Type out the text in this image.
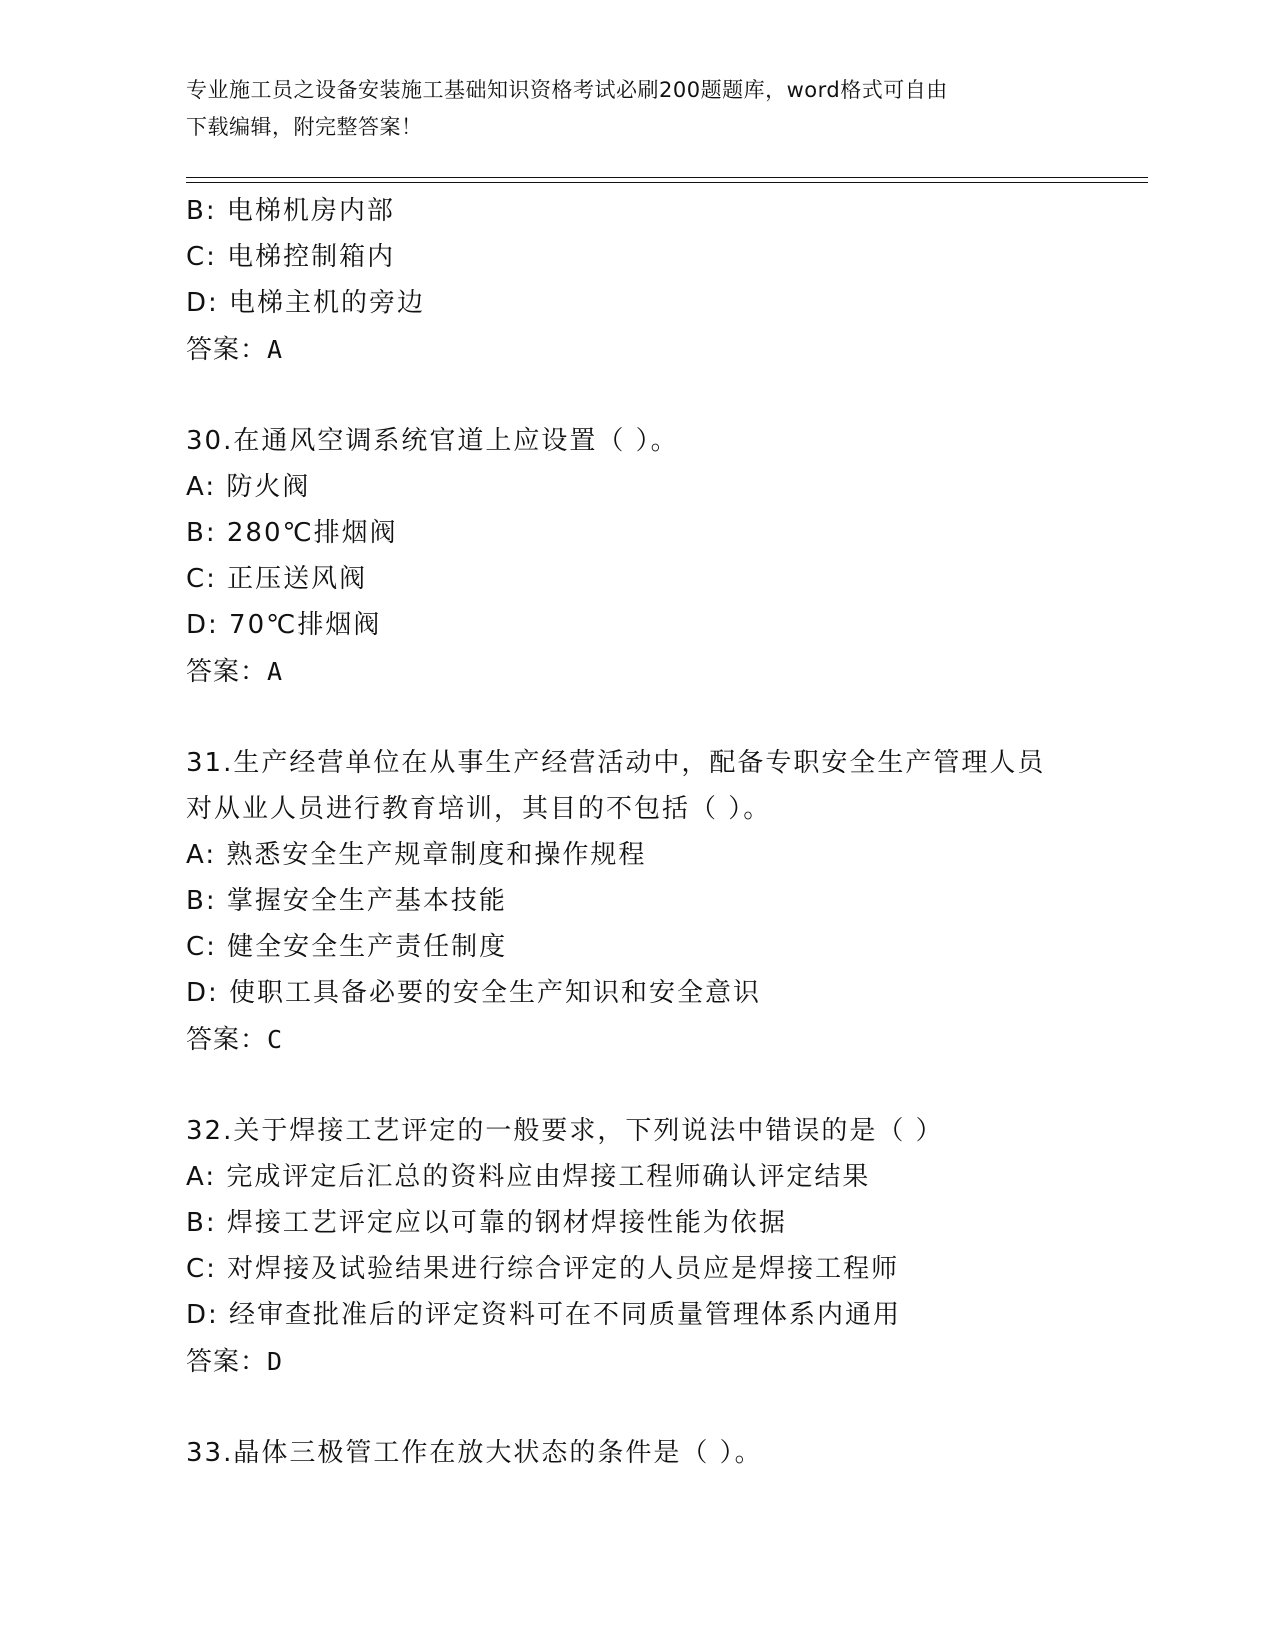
专业施工员之设备安装施工基础知识资格考试必刷200题题库，word格式可自由
下载编辑，附完整答案！
B: 电梯机房内部
C: 电梯控制箱内
D: 电梯主机的旁边
答案：A
30.在通风空调系统官道上应设置（ ）。
A: 防火阀
B: 280℃排烟阀
C: 正压送风阀
D: 70℃排烟阀
答案：A
31.生产经营单位在从事生产经营活动中，配备专职安全生产管理人员
对从业人员进行教育培训，其目的不包括（ ）。
A: 熟悉安全生产规章制度和操作规程
B: 掌握安全生产基本技能
C: 健全安全生产责任制度
D: 使职工具备必要的安全生产知识和安全意识
答案：C
32.关于焊接工艺评定的一般要求，下列说法中错误的是（ ）
A: 完成评定后汇总的资料应由焊接工程师确认评定结果
B: 焊接工艺评定应以可靠的钢材焊接性能为依据
C: 对焊接及试验结果进行综合评定的人员应是焊接工程师
D: 经审查批准后的评定资料可在不同质量管理体系内通用
答案：D
33.晶体三极管工作在放大状态的条件是（ ）。
